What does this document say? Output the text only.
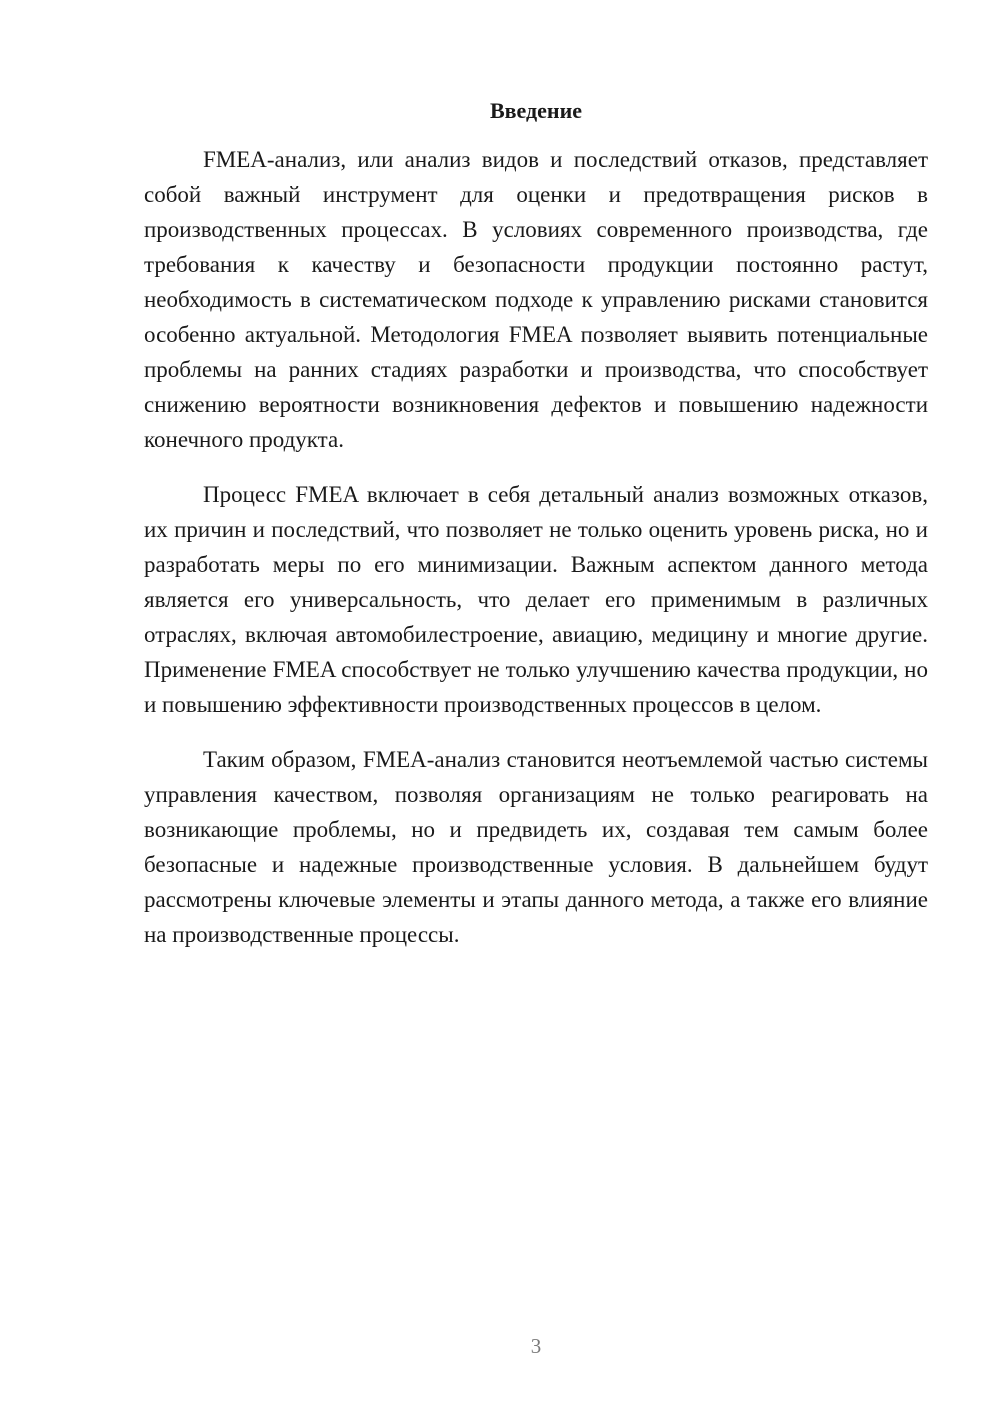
Введение

FMEA-анализ, или анализ видов и последствий отказов, представляет собой важный инструмент для оценки и предотвращения рисков в производственных процессах. В условиях современного производства, где требования к качеству и безопасности продукции постоянно растут, необходимость в систематическом подходе к управлению рисками становится особенно актуальной. Методология FMEA позволяет выявить потенциальные проблемы на ранних стадиях разработки и производства, что способствует снижению вероятности возникновения дефектов и повышению надежности конечного продукта.

Процесс FMEA включает в себя детальный анализ возможных отказов, их причин и последствий, что позволяет не только оценить уровень риска, но и разработать меры по его минимизации. Важным аспектом данного метода является его универсальность, что делает его применимым в различных отраслях, включая автомобилестроение, авиацию, медицину и многие другие. Применение FMEA способствует не только улучшению качества продукции, но и повышению эффективности производственных процессов в целом.

Таким образом, FMEA-анализ становится неотъемлемой частью системы управления качеством, позволяя организациям не только реагировать на возникающие проблемы, но и предвидеть их, создавая тем самым более безопасные и надежные производственные условия. В дальнейшем будут рассмотрены ключевые элементы и этапы данного метода, а также его влияние на производственные процессы.

3
